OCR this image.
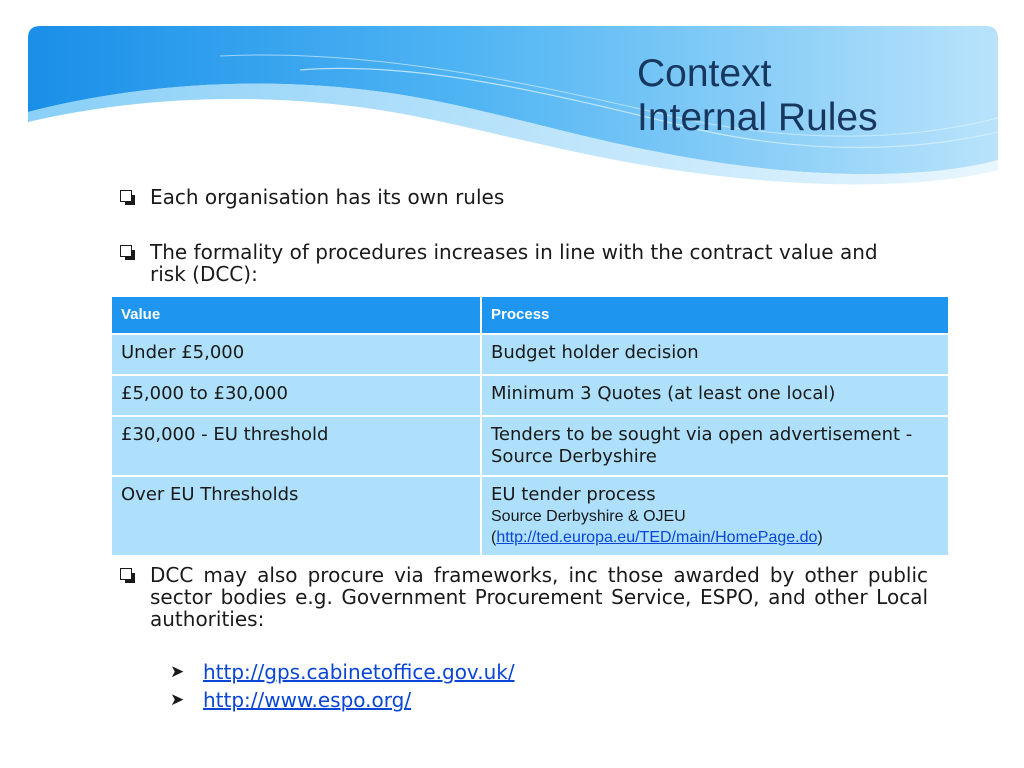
Context
Internal Rules
Each organisation has its own rules
The formality of procedures increases in line with the contract value and risk (DCC):
Value	Process
Under £5,000	Budget holder decision
£5,000 to £30,000	Minimum 3 Quotes (at least one local)
£30,000 - EU threshold	Tenders to be sought via open advertisement - Source Derbyshire
Over EU Thresholds	EU tender process
Source Derbyshire & OJEU
(http://ted.europa.eu/TED/main/HomePage.do)
DCC may also procure via frameworks, inc those awarded by other public sector bodies e.g. Government Procurement Service, ESPO, and other Local authorities:
➤ http://gps.cabinetoffice.gov.uk/
➤ http://www.espo.org/
